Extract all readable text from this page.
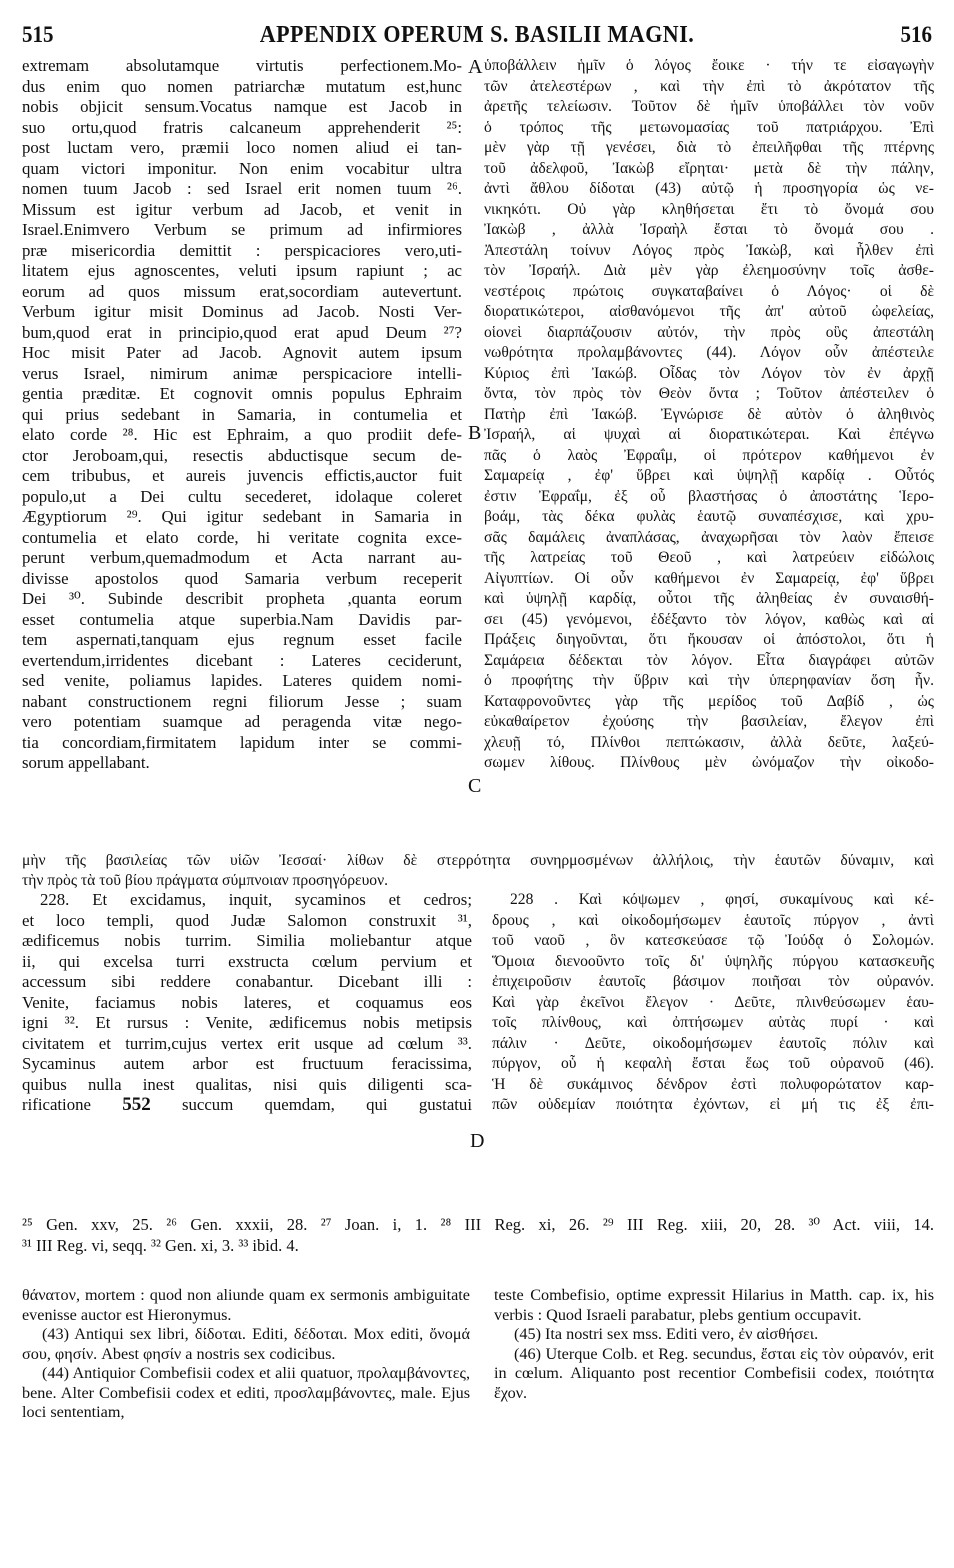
515	APPENDIX OPERUM S. BASILII MAGNI.	516
A
B
C
D

extremam absolutamque virtutis perfectionem.Mo-

dus enim quo nomen patriarchæ mutatum est,hunc

nobis objicit sensum.Vocatus namque est Jacob in

suo ortu,quod fratris calcaneum apprehenderit ²⁵:

post luctam vero, præmii loco nomen aliud ei tan-

quam victori imponitur. Non enim vocabitur ultra

nomen tuum Jacob : sed Israel erit nomen tuum ²⁶.

Missum est igitur verbum ad Jacob, et venit in

Israel.Enimvero Verbum se primum ad infirmiores

præ misericordia demittit : perspicaciores vero,uti-

litatem ejus agnoscentes, veluti ipsum rapiunt ; ac

eorum ad quos missum erat,socordiam autevertunt.

Verbum igitur misit Dominus ad Jacob. Nosti Ver-

bum,quod erat in principio,quod erat apud Deum ²⁷?

Hoc misit Pater ad Jacob. Agnovit autem ipsum

verus Israel, nimirum animæ perspicaciore intelli-

gentia præditæ. Et cognovit omnis populus Ephraim

qui prius sedebant in Samaria, in contumelia et

elato corde ²⁸. Hic est Ephraim, a quo prodiit defe-

ctor Jeroboam,qui, resectis abductisque secum de-

cem tribubus, et aureis juvencis effictis,auctor fuit

populo,ut a Dei cultu secederet, idolaque coleret

Ægyptiorum ²⁹. Qui igitur sedebant in Samaria in

contumelia et elato corde, hi veritate cognita exce-

perunt verbum,quemadmodum et Acta narrant au-

divisse apostolos quod Samaria verbum receperit

Dei ³⁰. Subinde describit propheta ,quanta eorum

esset contumelia atque superbia.Nam Davidis par-

tem aspernati,tanquam ejus regnum esset facile

evertendum,irridentes dicebant : Lateres ceciderunt,

sed venite, poliamus lapides. Lateres quidem nomi-

nabant constructionem regni filiorum Jesse ; suam

vero potentiam suamque ad peragenda vitæ nego-

tia concordiam,firmitatem lapidum inter se commi-

sorum appellabant.

ὑποβάλλειν ἡμῖν ὁ λόγος ἔοικε · τήν τε εἰσαγωγὴν

τῶν ἀτελεστέρων , καὶ τὴν ἐπὶ τὸ ἀκρότατον τῆς

ἀρετῆς τελείωσιν. Τοῦτον δὲ ἡμῖν ὑποβάλλει τὸν νοῦν

ὁ τρόπος τῆς μετωνομασίας τοῦ πατριάρχου. Ἐπὶ

μὲν γὰρ τῇ γενέσει, διὰ τὸ ἐπειλῆφθαι τῆς πτέρνης

τοῦ ἀδελφοῦ, Ἰακὼβ εἴρηται· μετὰ δὲ τὴν πάλην,

ἀντὶ ἄθλου δίδοται (43) αὐτῷ ἡ προσηγορία ὡς νε-

νικηκότι. Οὐ γὰρ κληθήσεται ἔτι τὸ ὄνομά σου

Ἰακὼβ , ἀλλὰ Ἰσραὴλ ἔσται τὸ ὄνομά σου .

Ἀπεστάλη τοίνυν Λόγος πρὸς Ἰακὼβ, καὶ ἦλθεν ἐπὶ

τὸν Ἰσραήλ. Διὰ μὲν γὰρ ἐλεημοσύνην τοῖς ἀσθε-

νεστέροις πρώτοις συγκαταβαίνει ὁ Λόγος· οἱ δὲ

διορατικώτεροι, αἰσθανόμενοι τῆς ἀπ' αὐτοῦ ὠφελείας,

οἱονεὶ διαρπάζουσιν αὐτόν, τὴν πρὸς οὓς ἀπεστάλη

νωθρότητα προλαμβάνοντες (44). Λόγον οὖν ἀπέστειλε

Κύριος ἐπὶ Ἰακώβ. Οἶδας τὸν Λόγον τὸν ἐν ἀρχῇ

ὄντα, τὸν πρὸς τὸν Θεὸν ὄντα ; Τοῦτον ἀπέστειλεν ὁ

Πατὴρ ἐπὶ Ἰακώβ. Ἐγνώρισε δὲ αὐτὸν ὁ ἀληθινὸς

Ἰσραήλ, αἱ ψυχαὶ αἱ διορατικώτεραι. Καὶ ἐπέγνω

πᾶς ὁ λαὸς Ἐφραΐμ, οἱ πρότερον καθήμενοι ἐν

Σαμαρείᾳ , ἐφ' ὕβρει καὶ ὑψηλῇ καρδίᾳ . Οὗτός

ἐστιν Ἐφραΐμ, ἐξ οὗ βλαστήσας ὁ ἀποστάτης Ἱερο-

βοάμ, τὰς δέκα φυλὰς ἑαυτῷ συναπέσχισε, καὶ χρυ-

σᾶς δαμάλεις ἀναπλάσας, ἀναχωρῆσαι τὸν λαὸν ἔπεισε

τῆς λατρείας τοῦ Θεοῦ , καὶ λατρεύειν εἰδώλοις

Αἰγυπτίων. Οἱ οὖν καθήμενοι ἐν Σαμαρείᾳ, ἐφ' ὕβρει

καὶ ὑψηλῇ καρδίᾳ, οὗτοι τῆς ἀληθείας ἐν συναισθή-

σει (45) γενόμενοι, ἐδέξαντο τὸν λόγον, καθὼς καὶ αἱ

Πράξεις διηγοῦνται, ὅτι ἤκουσαν οἱ ἀπόστολοι, ὅτι ἡ

Σαμάρεια δέδεκται τὸν λόγον. Εἶτα διαγράφει αὐτῶν

ὁ προφήτης τὴν ὕβριν καὶ τὴν ὑπερηφανίαν ὅση ἦν.

Καταφρονοῦντες γὰρ τῆς μερίδος τοῦ Δαβίδ , ὡς

εὐκαθαίρετον ἐχούσης τὴν βασιλείαν, ἔλεγον ἐπὶ

χλευῇ τό, Πλίνθοι πεπτώκασιν, ἀλλὰ δεῦτε, λαξεύ-

σωμεν λίθους. Πλίνθους μὲν ὠνόμαζον τὴν οἰκοδο-

μὴν τῆς βασιλείας τῶν υἱῶν Ἰεσσαί· λίθων δὲ στερρότητα συνηρμοσμένων ἀλλήλοις, τὴν ἑαυτῶν δύναμιν, καὶ

τὴν πρὸς τὰ τοῦ βίου πράγματα σύμπνοιαν προσηγόρευον.

228. Et excidamus, inquit, sycaminos et cedros;

et loco templi, quod Judæ Salomon construxit ³¹,

ædificemus nobis turrim. Similia moliebantur atque

ii, qui excelsa turri exstructa cœlum pervium et

accessum sibi reddere conabantur. Dicebant illi :

Venite, faciamus nobis lateres, et coquamus eos

igni ³². Et rursus : Venite, ædificemus nobis metipsis

civitatem et turrim,cujus vertex erit usque ad cœlum ³³.

Sycaminus autem arbor est fructuum feracissima,

quibus nulla inest qualitas, nisi quis diligenti sca-

rificatione 552 succum quemdam, qui gustatui

228 . Καὶ κόψωμεν , φησί, συκαμίνους καὶ κέ-

δρους , καὶ οἰκοδομήσωμεν ἑαυτοῖς πύργον , ἀντὶ

τοῦ ναοῦ , ὃν κατεσκεύασε τῷ Ἰούδᾳ ὁ Σολομών.

Ὅμοια διενοοῦντο τοῖς δι' ὑψηλῆς πύργου κατασκευῆς

ἐπιχειροῦσιν ἑαυτοῖς βάσιμον ποιῆσαι τὸν οὐρανόν.

Καὶ γὰρ ἐκεῖνοι ἔλεγον · Δεῦτε, πλινθεύσωμεν ἑαυ-

τοῖς πλίνθους, καὶ ὀπτήσωμεν αὐτὰς πυρί · καὶ

πάλιν · Δεῦτε, οἰκοδομήσωμεν ἑαυτοῖς πόλιν καὶ

πύργον, οὗ ἡ κεφαλὴ ἔσται ἕως τοῦ οὐρανοῦ (46).

Ἡ δὲ συκάμινος δένδρον ἐστὶ πολυφορώτατον καρ-

πῶν οὐδεμίαν ποιότητα ἐχόντων, εἰ μή τις ἐξ ἐπι-

²⁵ Gen. xxv, 25. ²⁶ Gen. xxxii, 28. ²⁷ Joan. i, 1. ²⁸ III Reg. xi, 26. ²⁹ III Reg. xiii, 20, 28. ³⁰ Act. viii, 14.

³¹ III Reg. vi, seqq. ³² Gen. xi, 3. ³³ ibid. 4.

θάνατον, mortem : quod non aliunde quam ex sermonis ambiguitate evenisse auctor est Hieronymus.

(43) Antiqui sex libri, δίδοται. Editi, δέδοται. Mox editi, ὄνομά σου, φησίν. Abest φησίν a nostris sex codicibus.

(44) Antiquior Combefisii codex et alii quatuor, προλαμβάνοντες, bene. Alter Combefisii codex et editi, προσλαμβάνοντες, male. Ejus loci sententiam,

teste Combefisio, optime expressit Hilarius in Matth. cap. ix, his verbis : Quod Israeli parabatur, plebs gentium occupavit.

(45) Ita nostri sex mss. Editi vero, ἐν αἰσθήσει.

(46) Uterque Colb. et Reg. secundus, ἔσται εἰς τὸν οὐρανόν, erit in cœlum. Aliquanto post recentior Combefisii codex, ποιότητα ἔχον.
